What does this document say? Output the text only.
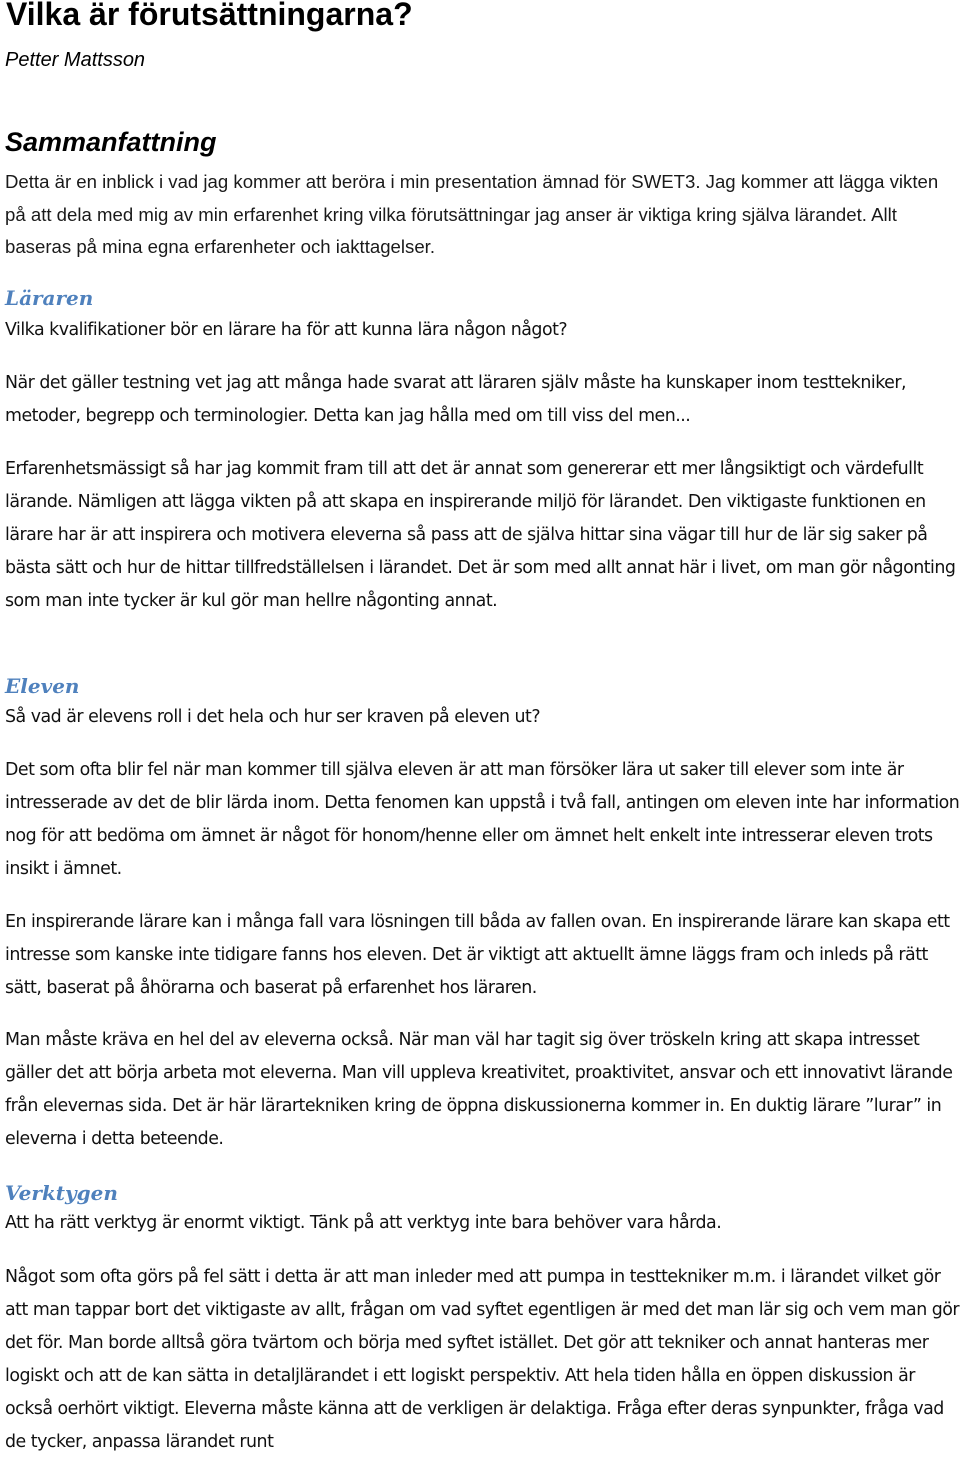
Vilka är förutsättningarna?

Petter Mattsson

Sammanfattning

Detta är en inblick i vad jag kommer att beröra i min presentation ämnad för SWET3. Jag kommer att lägga vikten på att dela med mig av min erfarenhet kring vilka förutsättningar jag anser är viktiga kring själva lärandet. Allt baseras på mina egna erfarenheter och iakttagelser.

Läraren

Vilka kvalifikationer bör en lärare ha för att kunna lära någon något?

När det gäller testning vet jag att många hade svarat att läraren själv måste ha kunskaper inom testtekniker, metoder, begrepp och terminologier. Detta kan jag hålla med om till viss del men...

Erfarenhetsmässigt så har jag kommit fram till att det är annat som genererar ett mer långsiktigt och värdefullt lärande. Nämligen att lägga vikten på att skapa en inspirerande miljö för lärandet. Den viktigaste funktionen en lärare har är att inspirera och motivera eleverna så pass att de själva hittar sina vägar till hur de lär sig saker på bästa sätt och hur de hittar tillfredställelsen i lärandet. Det är som med allt annat här i livet, om man gör någonting som man inte tycker är kul gör man hellre någonting annat.

Eleven

Så vad är elevens roll i det hela och hur ser kraven på eleven ut?

Det som ofta blir fel när man kommer till själva eleven är att man försöker lära ut saker till elever som inte är intresserade av det de blir lärda inom. Detta fenomen kan uppstå i två fall, antingen om eleven inte har information nog för att bedöma om ämnet är något för honom/henne eller om ämnet helt enkelt inte intresserar eleven trots insikt i ämnet.

En inspirerande lärare kan i många fall vara lösningen till båda av fallen ovan. En inspirerande lärare kan skapa ett intresse som kanske inte tidigare fanns hos eleven. Det är viktigt att aktuellt ämne läggs fram och inleds på rätt sätt, baserat på åhörarna och baserat på erfarenhet hos läraren.

Man måste kräva en hel del av eleverna också. När man väl har tagit sig över tröskeln kring att skapa intresset gäller det att börja arbeta mot eleverna. Man vill uppleva kreativitet, proaktivitet, ansvar och ett innovativt lärande från elevernas sida. Det är här lärartekniken kring de öppna diskussionerna kommer in. En duktig lärare ”lurar” in eleverna i detta beteende.

Verktygen

Att ha rätt verktyg är enormt viktigt. Tänk på att verktyg inte bara behöver vara hårda.

Något som ofta görs på fel sätt i detta är att man inleder med att pumpa in testtekniker m.m. i lärandet vilket gör att man tappar bort det viktigaste av allt, frågan om vad syftet egentligen är med det man lär sig och vem man gör det för. Man borde alltså göra tvärtom och börja med syftet istället. Det gör att tekniker och annat hanteras mer logiskt och att de kan sätta in detaljlärandet i ett logiskt perspektiv. Att hela tiden hålla en öppen diskussion är också oerhört viktigt. Eleverna måste känna att de verkligen är delaktiga. Fråga efter deras synpunkter, fråga vad de tycker, anpassa lärandet runt
